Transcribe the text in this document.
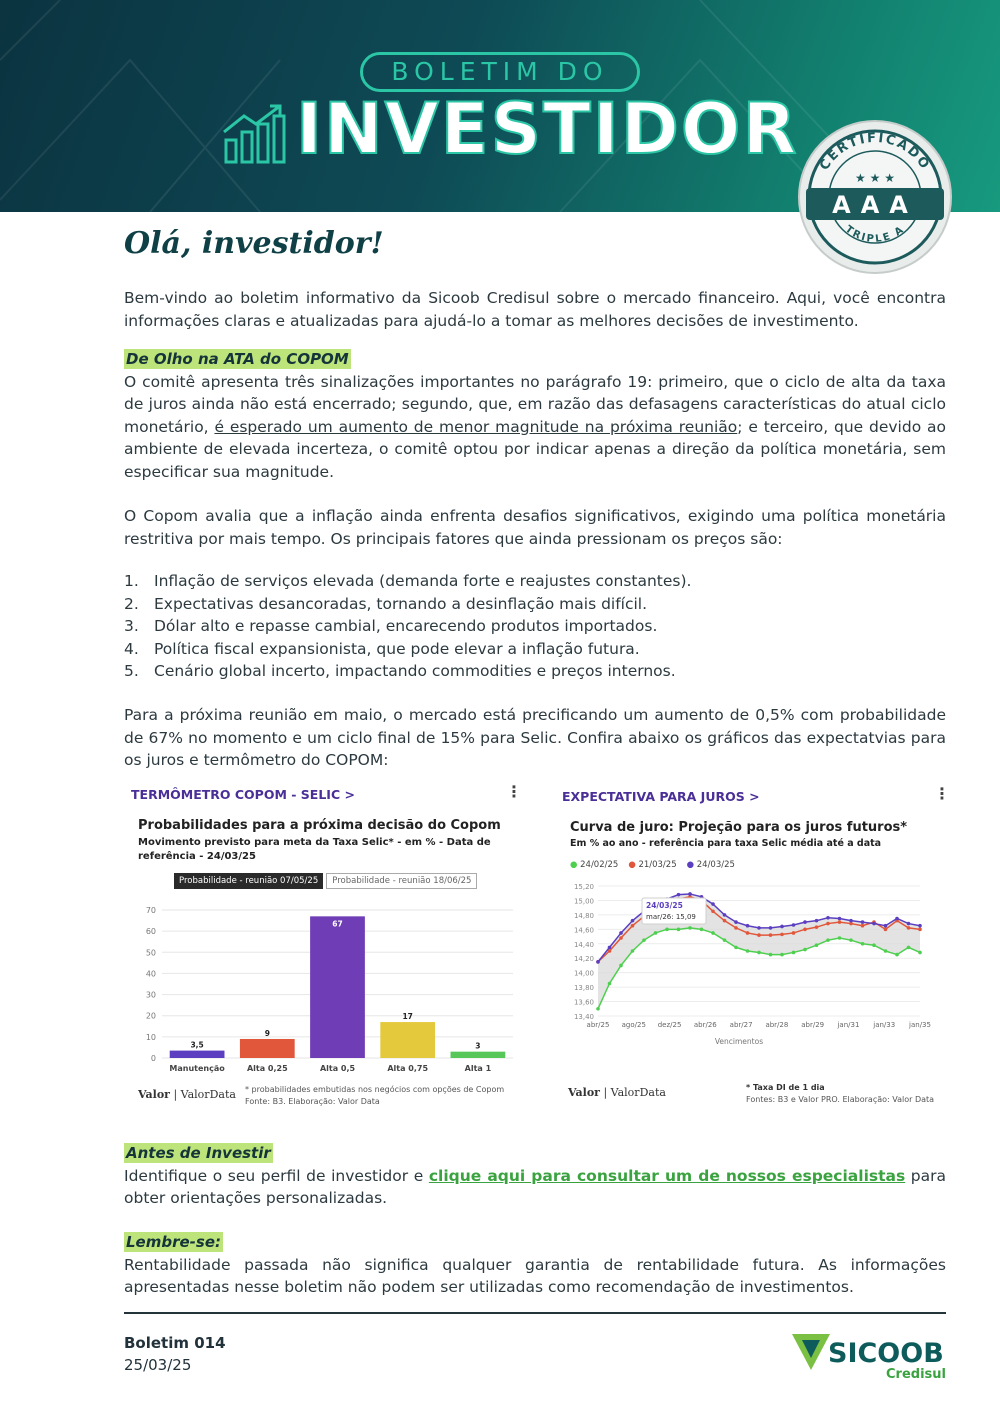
BOLETIM DO
INVESTIDOR CERTIFICADO
★ ★ ★
AAA
TRIPLE A
Olá, investidor!

Bem-vindo ao boletim informativo da Sicoob Credisul sobre o mercado financeiro. Aqui, você encontra informações claras e atualizadas para ajudá-lo a tomar as melhores decisões de investimento.

De Olho na ATA do COPOM
O comitê apresenta três sinalizações importantes no parágrafo 19: primeiro, que o ciclo de alta da taxa de juros ainda não está encerrado; segundo, que, em razão das defasagens características do atual ciclo monetário, é esperado um aumento de menor magnitude na próxima reunião; e terceiro, que devido ao ambiente de elevada incerteza, o comitê optou por indicar apenas a direção da política monetária, sem especificar sua magnitude.

O Copom avalia que a inflação ainda enfrenta desafios significativos, exigindo uma política monetária restritiva por mais tempo. Os principais fatores que ainda pressionam os preços são:

1. Inflação de serviços elevada (demanda forte e reajustes constantes).
2. Expectativas desancoradas, tornando a desinflação mais difícil.
3. Dólar alto e repasse cambial, encarecendo produtos importados.
4. Política fiscal expansionista, que pode elevar a inflação futura.
5. Cenário global incerto, impactando commodities e preços internos.

Para a próxima reunião em maio, o mercado está precificando um aumento de 0,5% com probabilidade de 67% no momento e um ciclo final de 15% para Selic. Confira abaixo os gráficos das expectatvias para os juros e termômetro do COPOM:

TERMÔMETRO COPOM - SELIC >	⋮
Probabilidades para a próxima decisão do Copom
Movimento previsto para meta da Taxa Selic* - em % - Data de referência - 24/03/25
Probabilidade - reunião 07/05/25	Probabilidade - reunião 18/06/25
0
10
20
30
40
50
60
70
3,5
Manutenção
9
Alta 0,25
67
Alta 0,5
17
Alta 0,75
3
Alta 1
Valor | ValorData * probabilidades embutidas nos negócios com opções de Copom
Fonte: B3. Elaboração: Valor Data
EXPECTATIVA PARA JUROS >	⋮
Curva de juro: Projeção para os juros futuros*
Em % ao ano - referência para taxa Selic média até a data
● 24/02/25 ● 21/03/25 ● 24/03/25
13,40
13,60
13,80
14,00
14,20
14,40
14,60
14,80
15,00
15,20
abr/25 ago/25 dez/25 abr/26 abr/27 abr/28 abr/29 jan/31 jan/33 jan/35
Vencimentos
24/03/25
mar/26: 15,09
Valor | ValorData	* Taxa DI de 1 dia
Fontes: B3 e Valor PRO. Elaboração: Valor Data
Antes de Investir
Identifique o seu perfil de investidor e clique aqui para consultar um de nossos especialistas para obter orientações personalizadas.
Lembre-se:
Rentabilidade passada não significa qualquer garantia de rentabilidade futura. As informações apresentadas nesse boletim não podem ser utilizadas como recomendação de investimentos.
Boletim 014
25/03/25	SICOOB
Credisul
